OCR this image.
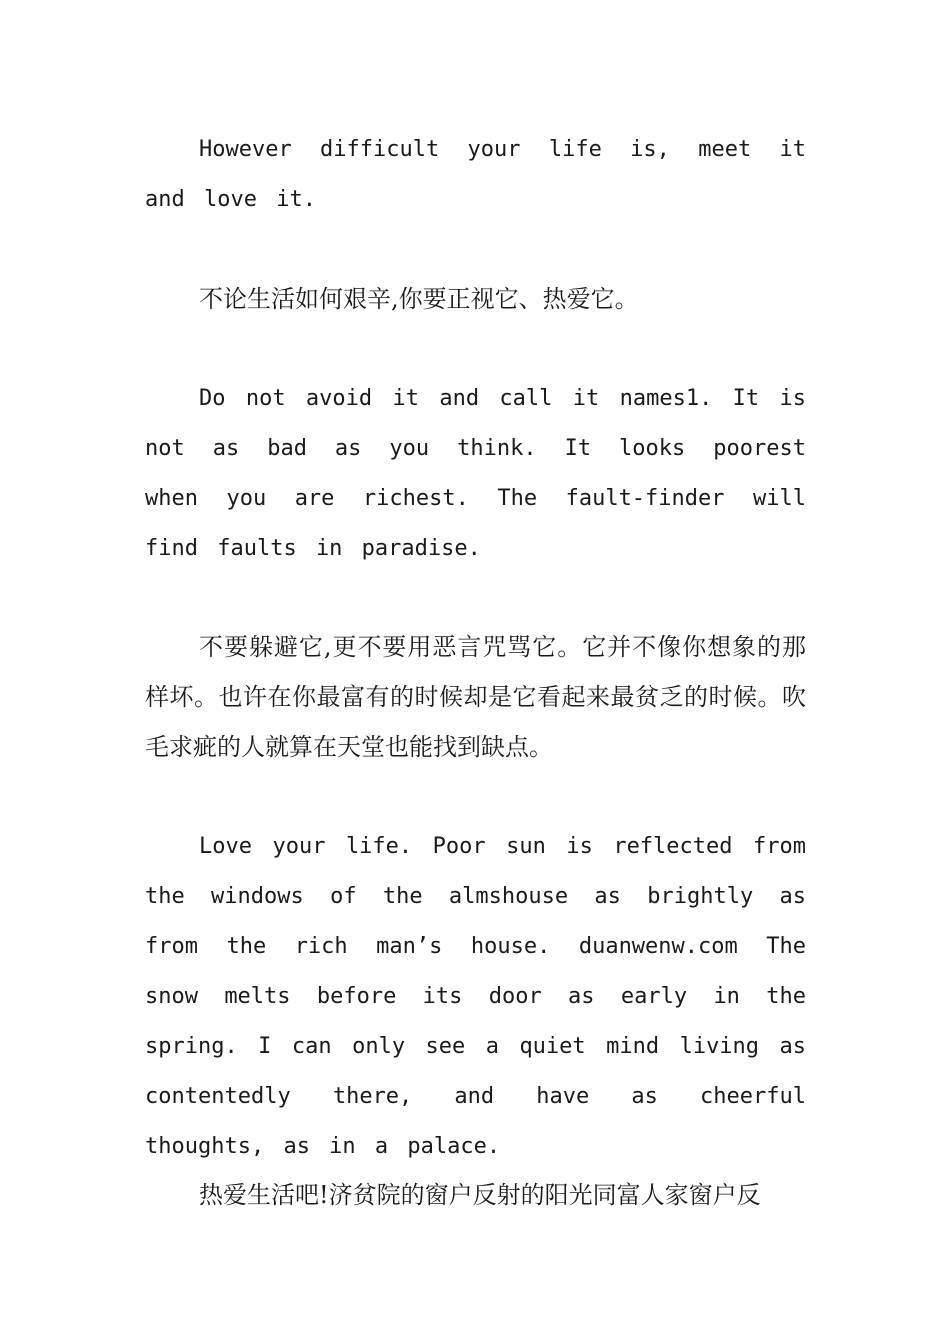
However difficult your life is, meet it and love it.

不论生活如何艰辛,你要正视它、热爱它。

Do not avoid it and call it names1. It is not as bad as you think. It looks poorest when you are richest. The fault-finder will find faults in paradise.

不要躲避它,更不要用恶言咒骂它。它并不像你想象的那样坏。也许在你最富有的时候却是它看起来最贫乏的时候。吹毛求疵的人就算在天堂也能找到缺点。

Love your life. Poor sun is reflected from the windows of the almshouse as brightly as from the rich man’s house. duanwenw.com The snow melts before its door as early in the spring. I can only see a quiet mind living as contentedly there, and have as cheerful thoughts, as in a palace.

热爱生活吧!济贫院的窗户反射的阳光同富人家窗户反
